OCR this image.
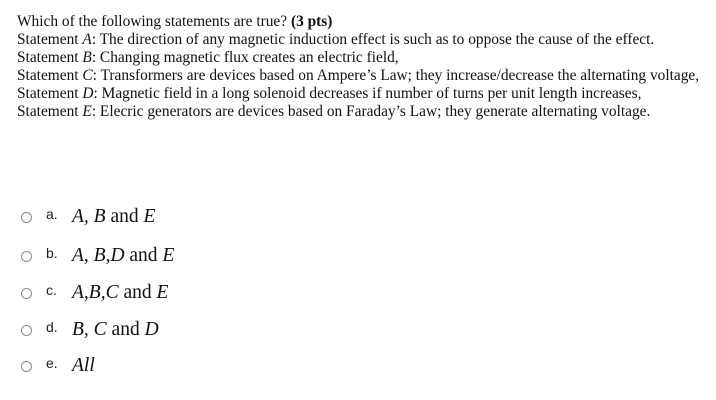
Which of the following statements are true? (3 pts)

Statement A: The direction of any magnetic induction effect is such as to oppose the cause of the effect.

Statement B: Changing magnetic flux creates an electric field,

Statement C: Transformers are devices based on Ampere’s Law; they increase/decrease the alternating voltage,

Statement D: Magnetic field in a long solenoid decreases if number of turns per unit length increases,

Statement E: Elecric generators are devices based on Faraday’s Law; they generate alternating voltage.

a. A, B and E
b. A, B,D and E
c. A,B,C and E
d. B, C and D
e. All
